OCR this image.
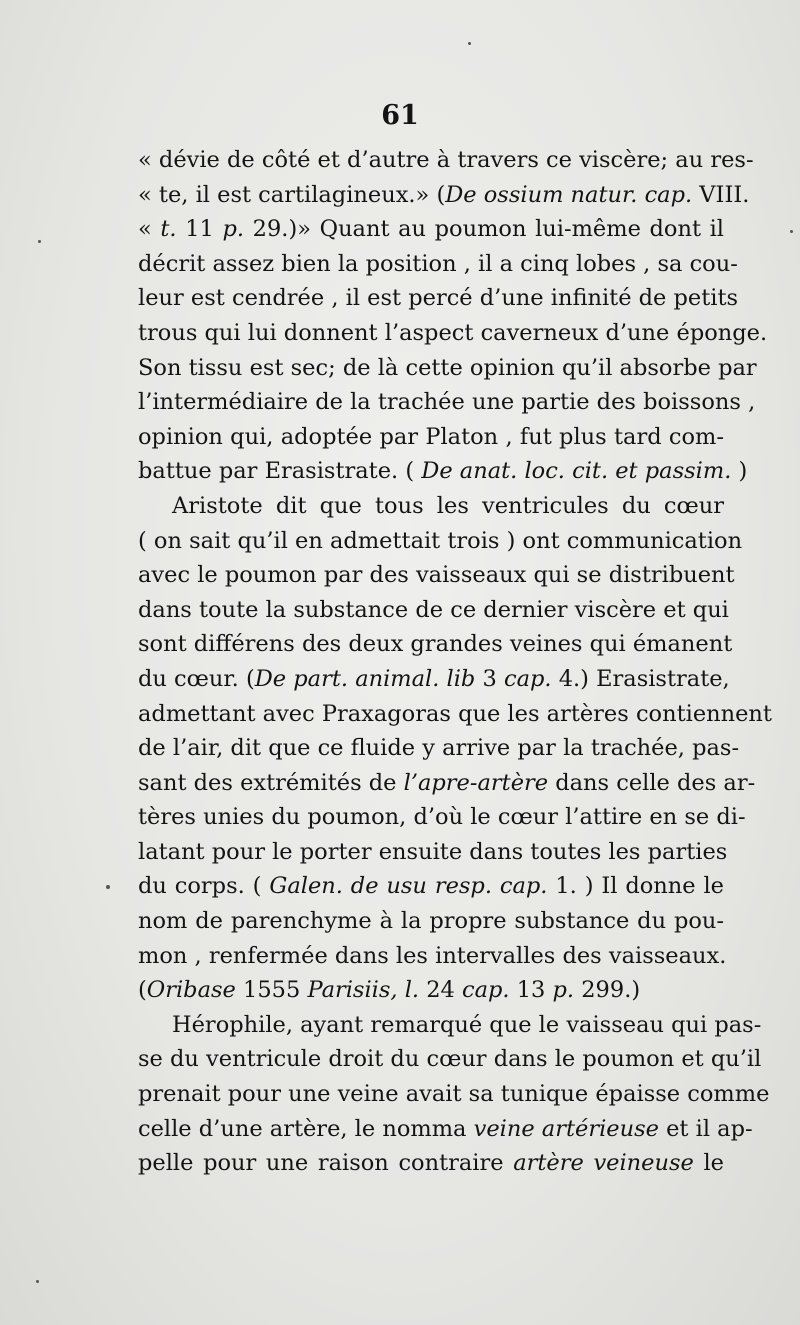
61
« dévie de côté et d’autre à travers ce viscère; au res-
« te, il est cartilagineux.» (De ossium natur. cap. VIII.
« t. 11 p. 29.)» Quant au poumon lui-même dont il
décrit assez bien la position , il a cinq lobes , sa cou-
leur est cendrée , il est percé d’une infinité de petits
trous qui lui donnent l’aspect caverneux d’une éponge.
Son tissu est sec; de là cette opinion qu’il absorbe par
l’intermédiaire de la trachée une partie des boissons ,
opinion qui, adoptée par Platon , fut plus tard com-
battue par Erasistrate. ( De anat. loc. cit. et passim. )
Aristote dit que tous les ventricules du cœur
( on sait qu’il en admettait trois ) ont communication
avec le poumon par des vaisseaux qui se distribuent
dans toute la substance de ce dernier viscère et qui
sont différens des deux grandes veines qui émanent
du cœur. (De part. animal. lib 3 cap. 4.) Erasistrate,
admettant avec Praxagoras que les artères contiennent
de l’air, dit que ce fluide y arrive par la trachée, pas-
sant des extrémités de l’apre-artère dans celle des ar-
tères unies du poumon, d’où le cœur l’attire en se di-
latant pour le porter ensuite dans toutes les parties
du corps. ( Galen. de usu resp. cap. 1. ) Il donne le
nom de parenchyme à la propre substance du pou-
mon , renfermée dans les intervalles des vaisseaux.
(Oribase 1555 Parisiis, l. 24 cap. 13 p. 299.)
Hérophile, ayant remarqué que le vaisseau qui pas-
se du ventricule droit du cœur dans le poumon et qu’il
prenait pour une veine avait sa tunique épaisse comme
celle d’une artère, le nomma veine artérieuse et il ap-
pelle pour une raison contraire artère veineuse le
